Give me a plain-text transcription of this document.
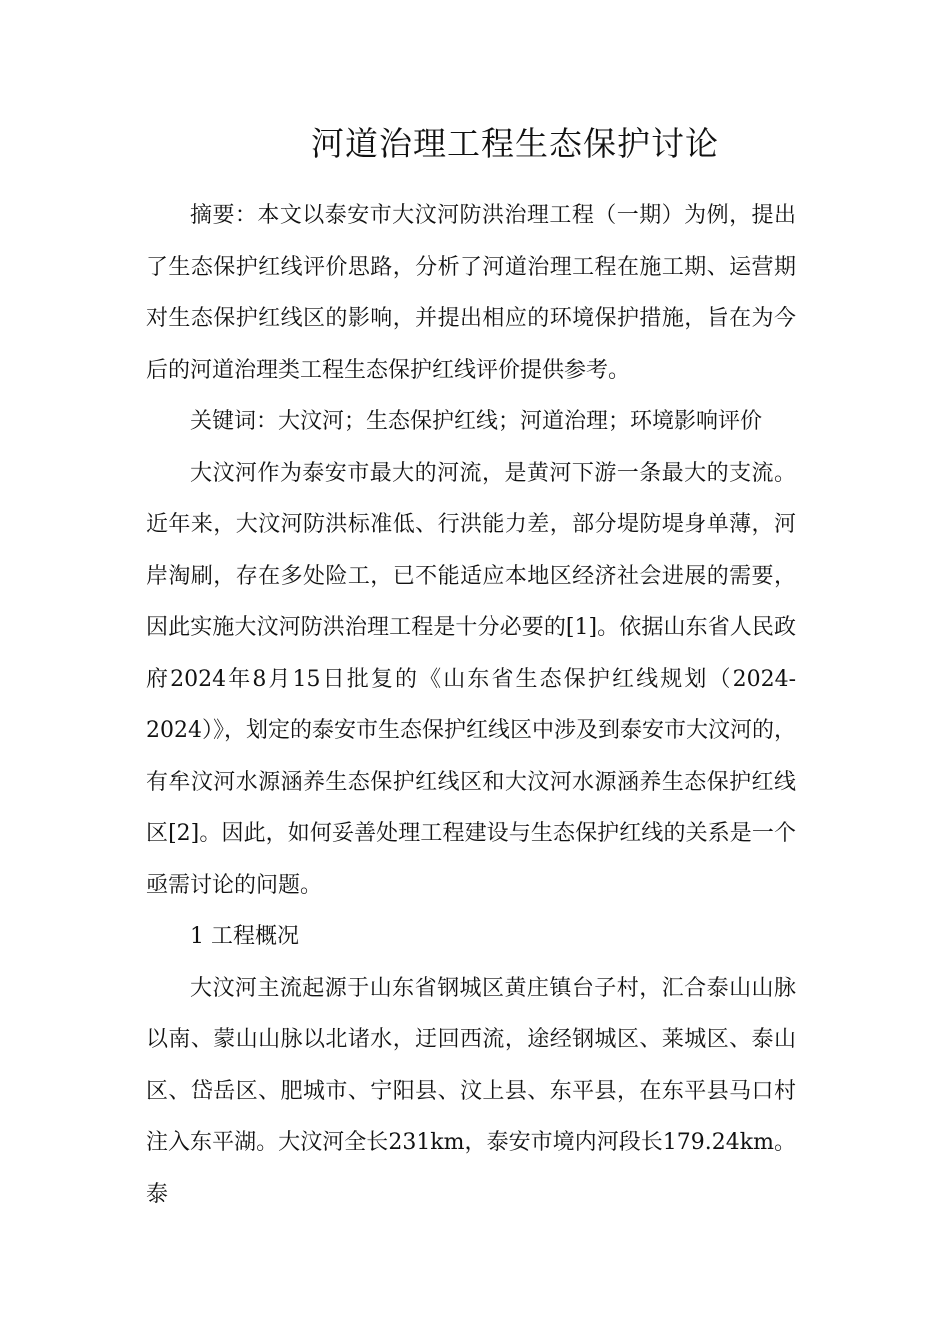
河道治理工程生态保护讨论

摘要：本文以泰安市大汶河防洪治理工程（一期）为例，提出了生态保护红线评价思路，分析了河道治理工程在施工期、运营期对生态保护红线区的影响，并提出相应的环境保护措施，旨在为今后的河道治理类工程生态保护红线评价提供参考。

关键词：大汶河；生态保护红线；河道治理；环境影响评价

大汶河作为泰安市最大的河流，是黄河下游一条最大的支流。近年来，大汶河防洪标准低、行洪能力差，部分堤防堤身单薄，河岸淘刷，存在多处险工，已不能适应本地区经济社会进展的需要，因此实施大汶河防洪治理工程是十分必要的[1]。依据山东省人民政府2024年8月15日批复的《山东省生态保护红线规划（2024-2024）》，划定的泰安市生态保护红线区中涉及到泰安市大汶河的，有牟汶河水源涵养生态保护红线区和大汶河水源涵养生态保护红线区[2]。因此，如何妥善处理工程建设与生态保护红线的关系是一个亟需讨论的问题。

1 工程概况

大汶河主流起源于山东省钢城区黄庄镇台子村，汇合泰山山脉以南、蒙山山脉以北诸水，迂回西流，途经钢城区、莱城区、泰山区、岱岳区、肥城市、宁阳县、汶上县、东平县，在东平县马口村注入东平湖。大汶河全长231km，泰安市境内河段长179.24km。泰
